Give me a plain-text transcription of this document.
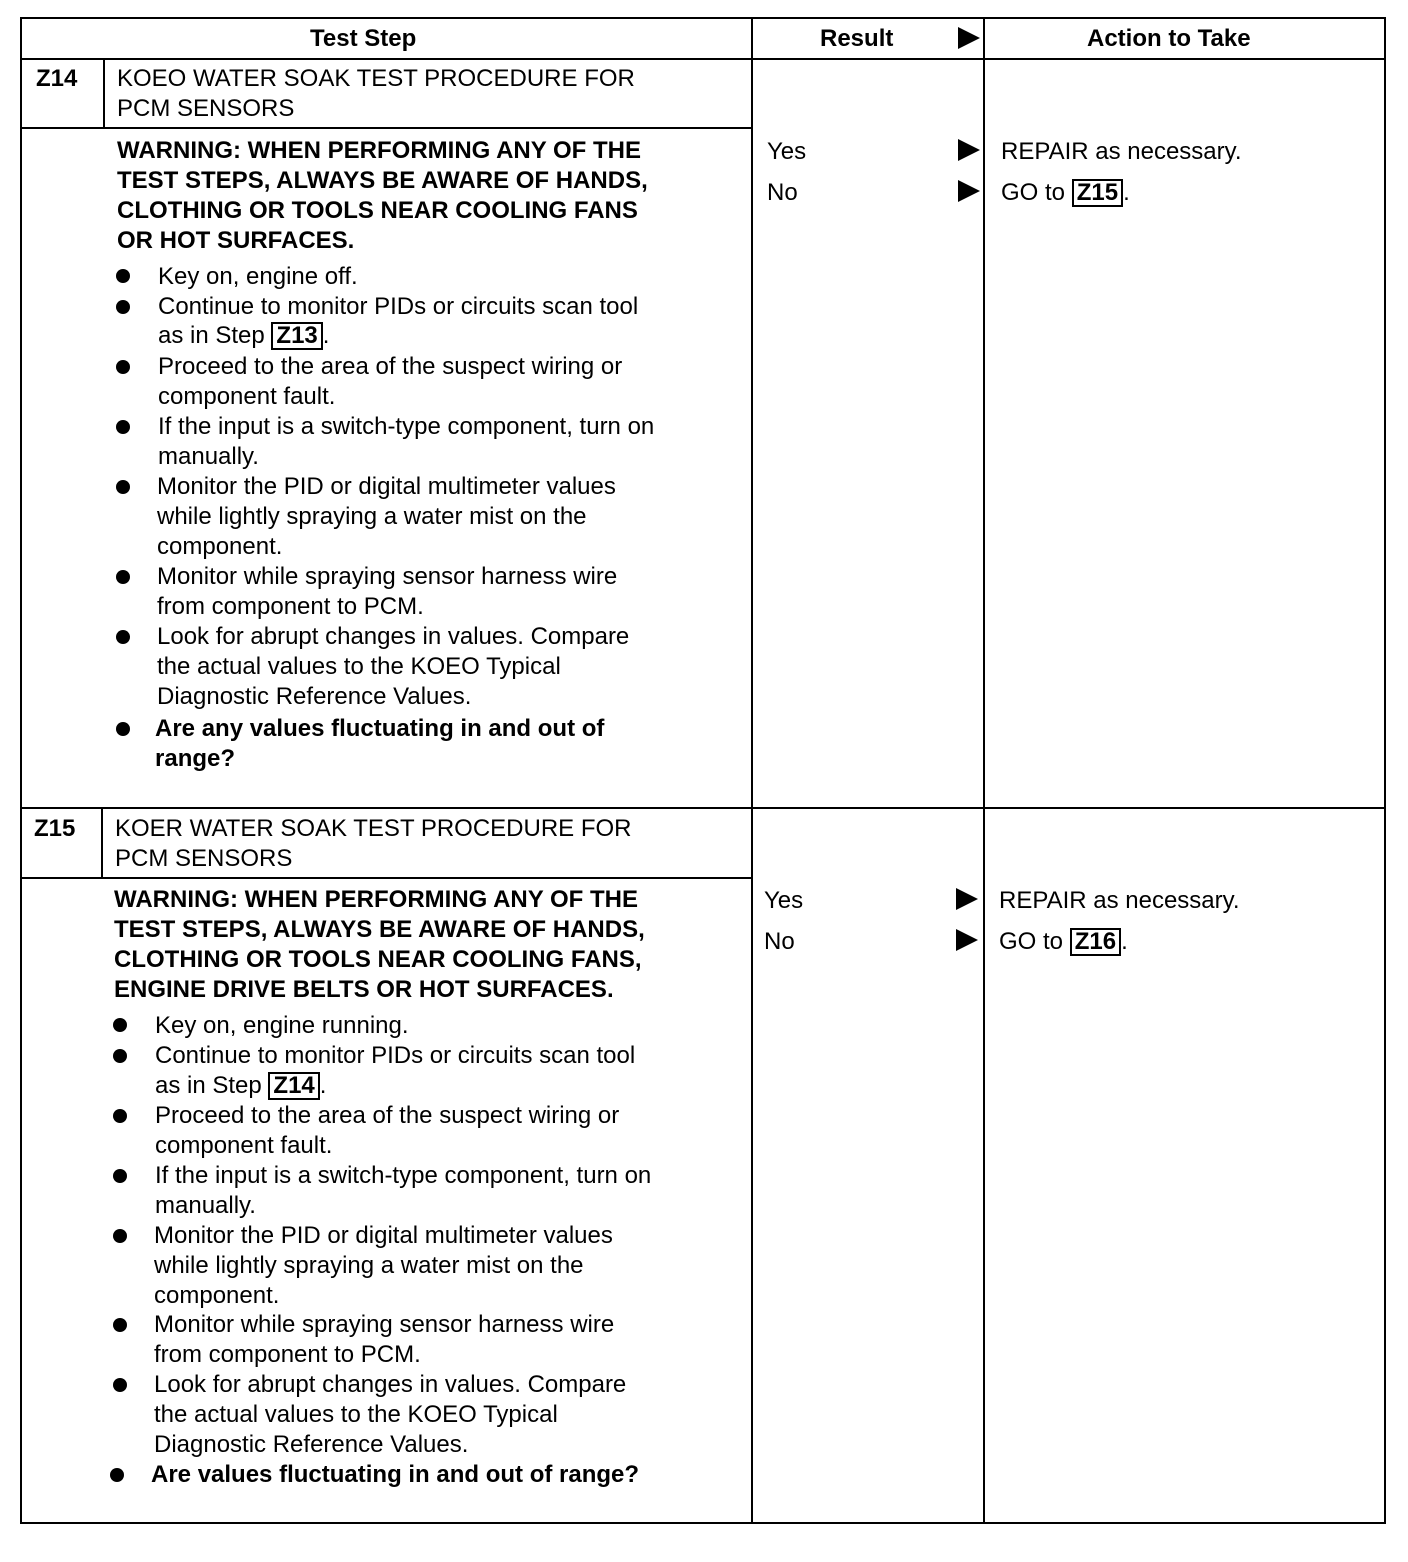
Test Step	Result	Action to Take
Z14 KOEO WATER SOAK TEST PROCEDURE FOR
PCM SENSORS
WARNING: WHEN PERFORMING ANY OF THE
TEST STEPS, ALWAYS BE AWARE OF HANDS,
CLOTHING OR TOOLS NEAR COOLING FANS
OR HOT SURFACES.
Key on, engine off.
Continue to monitor PIDs or circuits scan tool
as in Step Z13 .
Proceed to the area of the suspect wiring or
component fault.
If the input is a switch-type component, turn on
manually.
Monitor the PID or digital multimeter values
while lightly spraying a water mist on the
component.
Monitor while spraying sensor harness wire
from component to PCM.
Look for abrupt changes in values. Compare
the actual values to the KOEO Typical
Diagnostic Reference Values.
Are any values fluctuating in and out of
range?
Yes	REPAIR as necessary.
No	GO to Z15 .
Z15 KOER WATER SOAK TEST PROCEDURE FOR
PCM SENSORS
WARNING: WHEN PERFORMING ANY OF THE
TEST STEPS, ALWAYS BE AWARE OF HANDS,
CLOTHING OR TOOLS NEAR COOLING FANS,
ENGINE DRIVE BELTS OR HOT SURFACES.
Key on, engine running.
Continue to monitor PIDs or circuits scan tool
as in Step Z14 .
Proceed to the area of the suspect wiring or
component fault.
If the input is a switch-type component, turn on
manually.
Monitor the PID or digital multimeter values
while lightly spraying a water mist on the
component.
Monitor while spraying sensor harness wire
from component to PCM.
Look for abrupt changes in values. Compare
the actual values to the KOEO Typical
Diagnostic Reference Values.
Are values fluctuating in and out of range?
Yes	REPAIR as necessary.
No	GO to Z16 .
